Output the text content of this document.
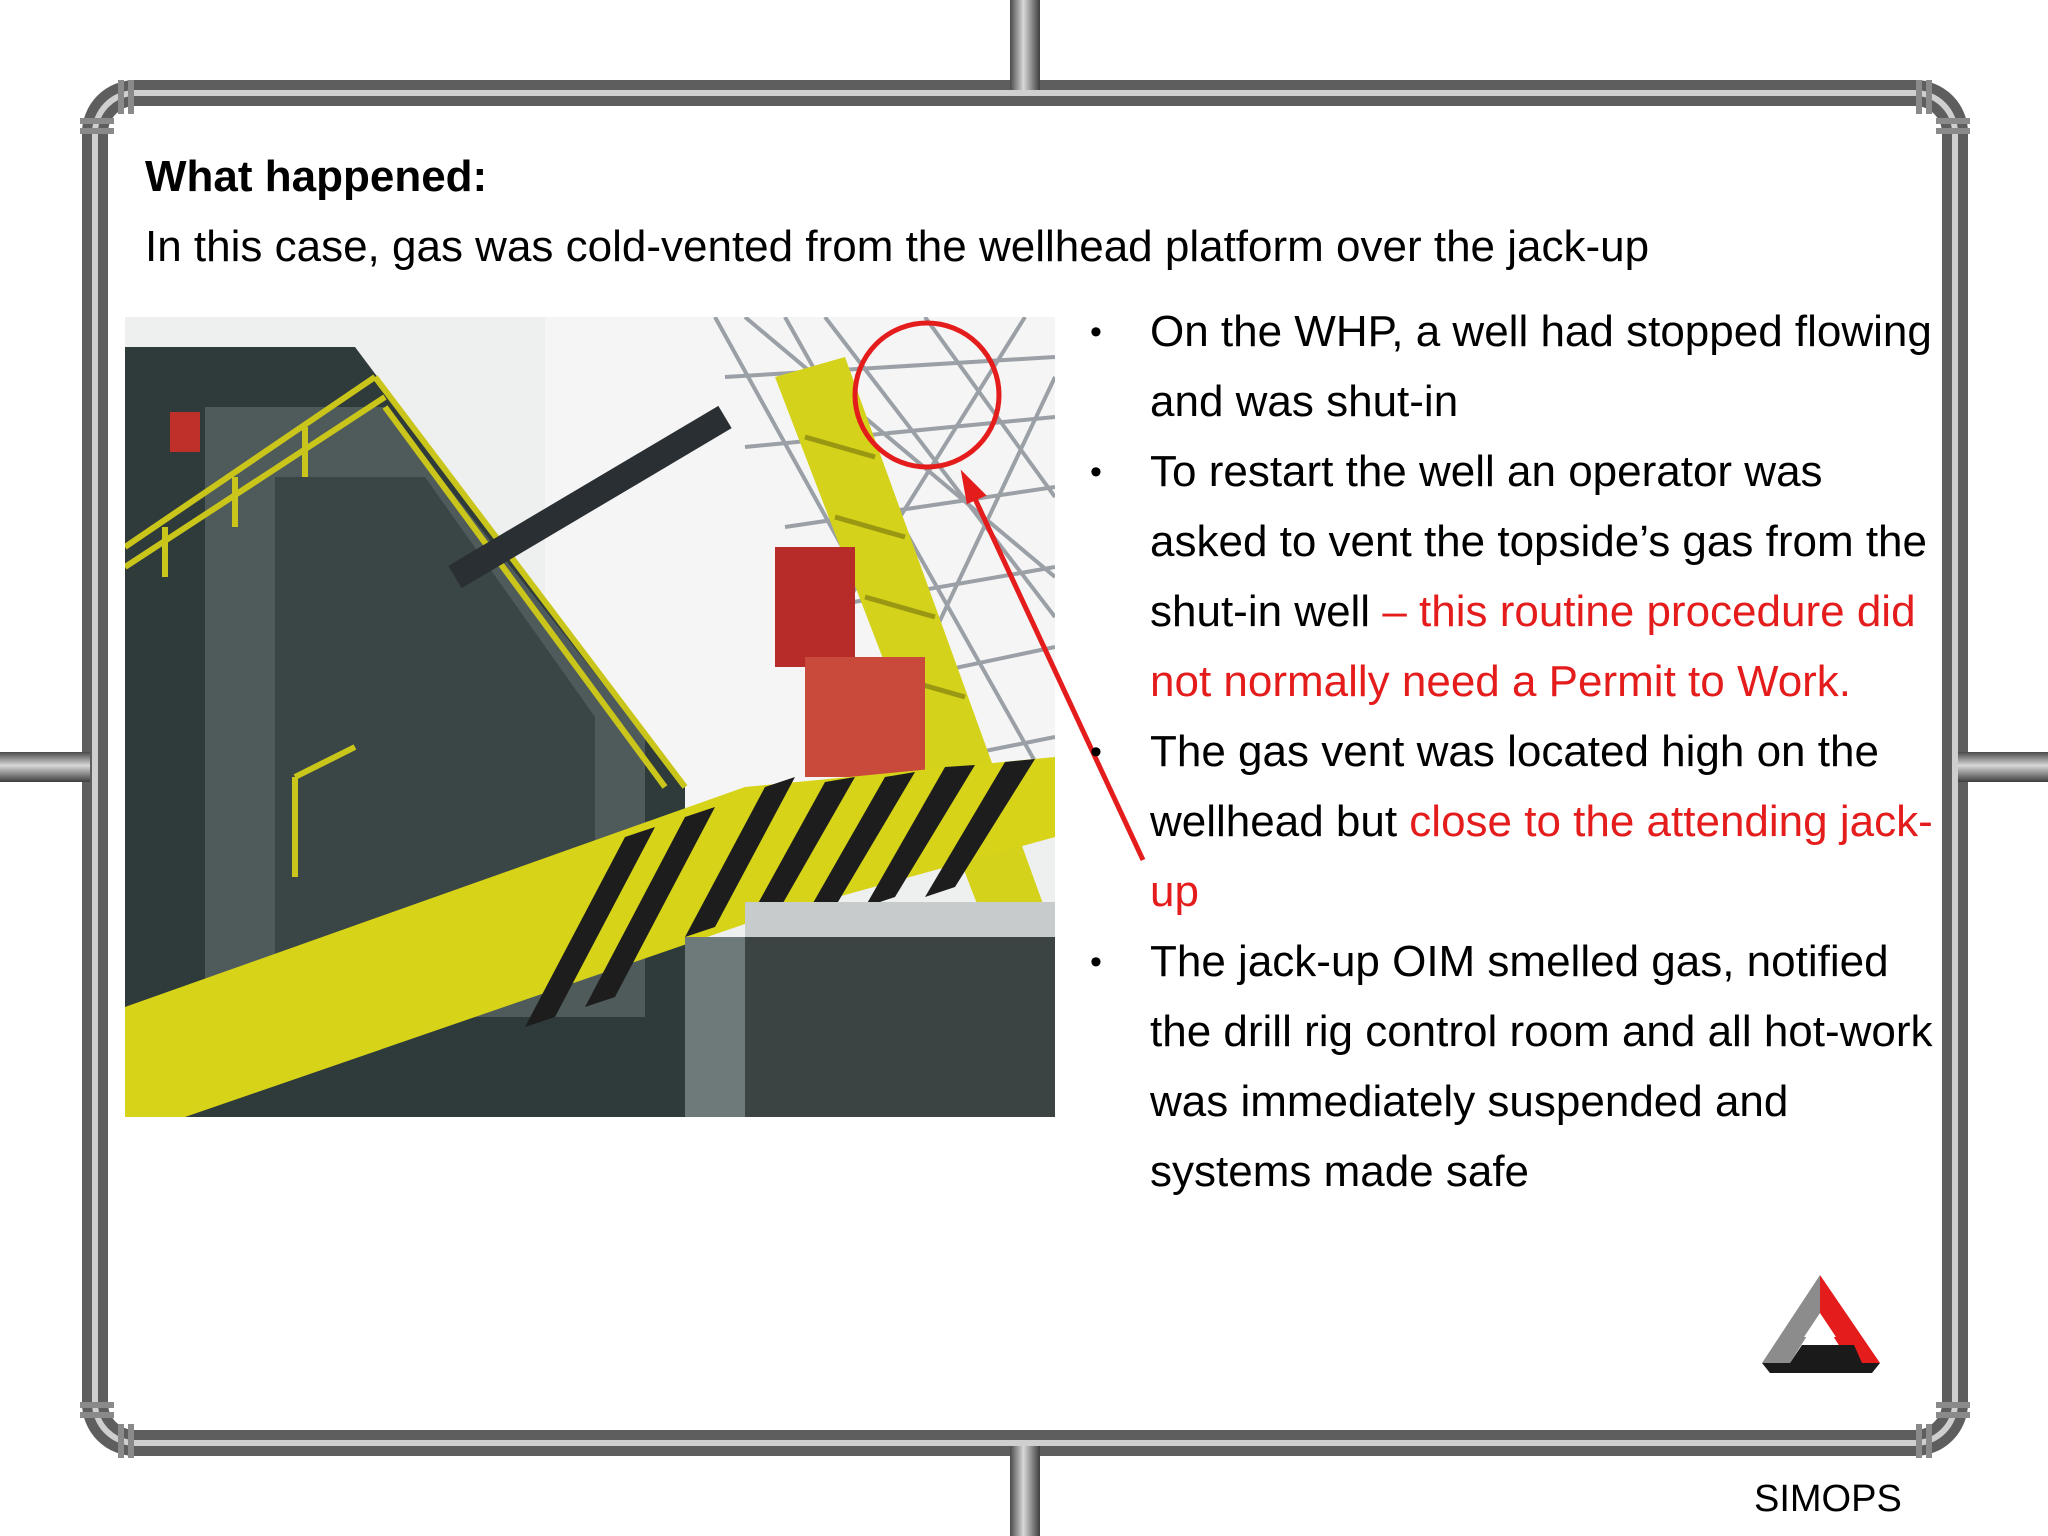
What happened:
In this case, gas was cold-vented from the wellhead platform over the jack-up
• On the WHP, a well had stopped flowing and was shut-in
• To restart the well an operator was asked to vent the topside’s gas from the shut-in well – this routine procedure did not normally need a Permit to Work.
• The gas vent was located high on the wellhead but close to the attending jack-up
• The jack-up OIM smelled gas, notified the drill rig control room and all hot-work was immediately suspended and systems made safe
SIMOPS
